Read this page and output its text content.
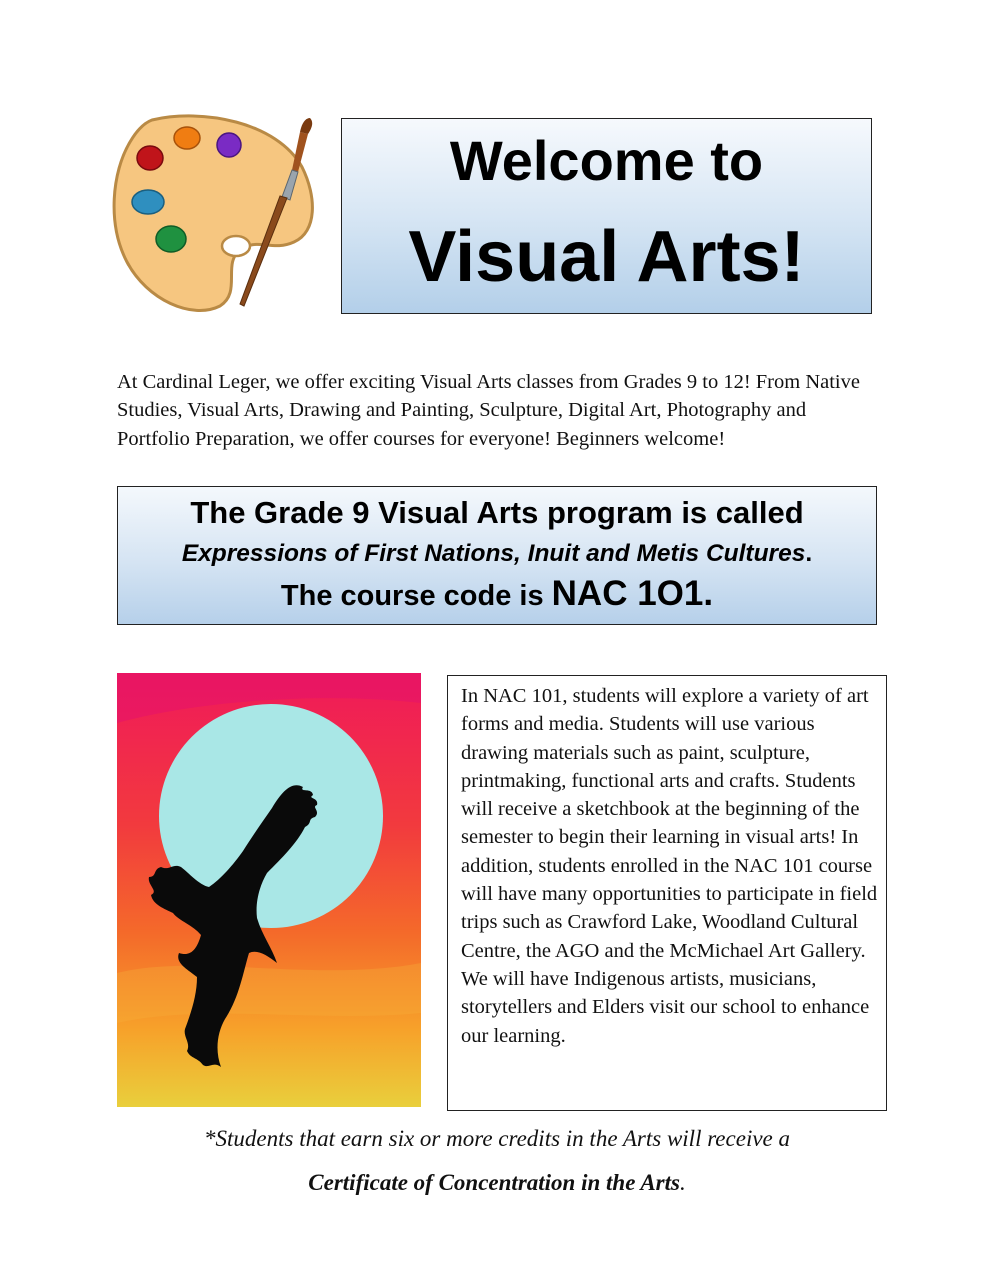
Welcome to
Visual Arts!
At Cardinal Leger, we offer exciting Visual Arts classes from Grades 9 to 12! From Native Studies, Visual Arts, Drawing and Painting, Sculpture, Digital Art, Photography and Portfolio Preparation, we offer courses for everyone! Beginners welcome!
The Grade 9 Visual Arts program is called
Expressions of First Nations, Inuit and Metis Cultures.
The course code is NAC 1O1.
In NAC 101, students will explore a variety of art forms and media. Students will use various drawing materials such as paint, sculpture, printmaking, functional arts and crafts. Students will receive a sketchbook at the beginning of the semester to begin their learning in visual arts! In addition, students enrolled in the NAC 101 course will have many opportunities to participate in field trips such as Crawford Lake, Woodland Cultural Centre, the AGO and the McMichael Art Gallery. We will have Indigenous artists, musicians, storytellers and Elders visit our school to enhance our learning.
*Students that earn six or more credits in the Arts will receive a
Certificate of Concentration in the Arts.
